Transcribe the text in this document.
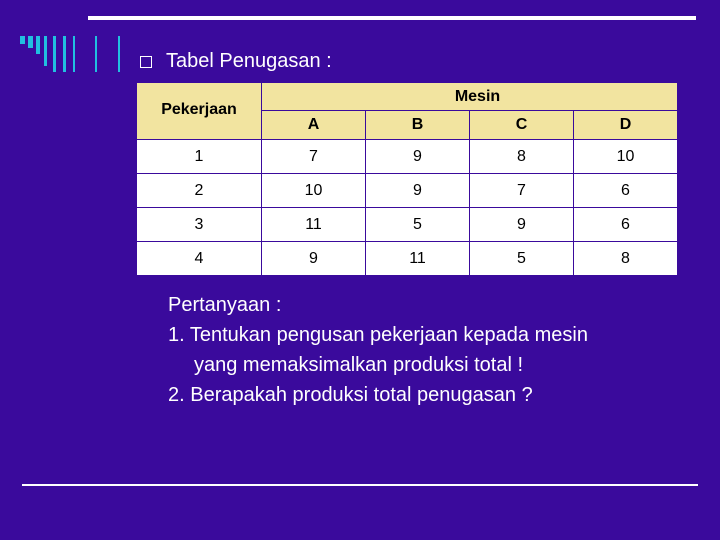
Tabel Penugasan :
Pekerjaan	Mesin			
	A	B	C	D
1	7	9	8	10
2	10	9	7	6
3	11	5	9	6
4	9	11	5	8
Pertanyaan :
1. Tentukan pengusan pekerjaan kepada mesin
yang memaksimalkan produksi total !
2. Berapakah produksi total penugasan ?
